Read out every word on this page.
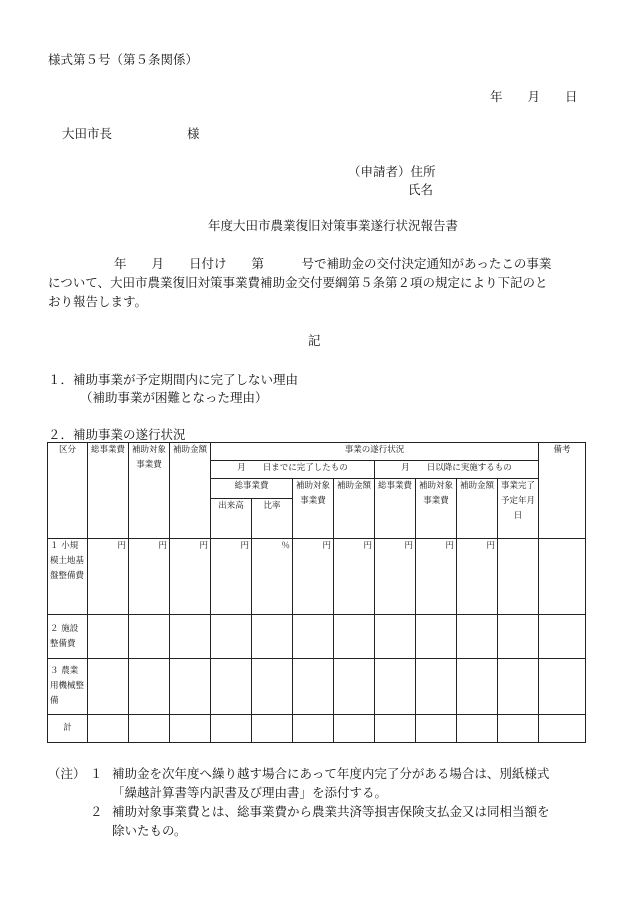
様式第５号（第５条関係）
年　　月　　日
大田市長　　　　　　様
（申請者）住所
氏名
年度大田市農業復旧対策事業遂行状況報告書
年　　月　　日付け　　第　　　号で補助金の交付決定通知があったこの事業
について、大田市農業復旧対策事業費補助金交付要綱第５条第２項の規定により下記のと
おり報告します。
記
１．補助事業が予定期間内に完了しない理由
（補助事業が困難となった理由）
２．補助事業の遂行状況
区分	総事業費	補助対象事業費	補助金額	事業の遂行状況								備考
				月　　日までに完了したもの				月　　日以降に実施するもの				
				総事業費		補助対象事業費	補助金額	総事業費	補助対象事業費	補助金額	事業完了予定年月日	
				出来高	比率							
１ 小規模土地基盤整備費	円	円	円	円	％	円	円	円	円	円		
２ 施設整備費												
３ 農業用機械整備												
計												
（注） １ 補助金を次年度へ繰り越す場合にあって年度内完了分がある場合は、別紙様式
「繰越計算書等内訳書及び理由書」を添付する。
２ 補助対象事業費とは、総事業費から農業共済等損害保険支払金又は同相当額を
除いたもの。
